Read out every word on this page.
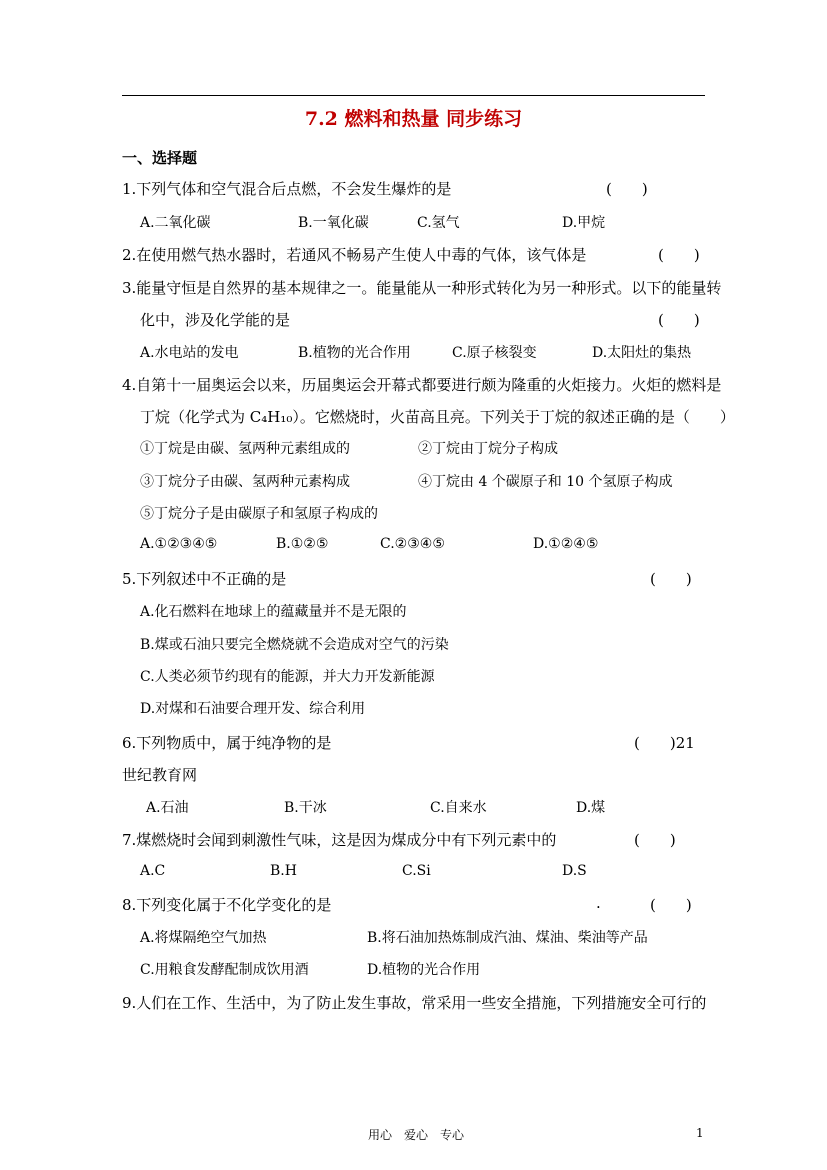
7.2 燃料和热量 同步练习
一、选择题
1.下列气体和空气混合后点燃，不会发生爆炸的是	(　　)
A.二氧化碳	B.一氧化碳	C.氢气	D.甲烷
2.在使用燃气热水器时，若通风不畅易产生使人中毒的气体，该气体是	(　　)
3.能量守恒是自然界的基本规律之一。能量能从一种形式转化为另一种形式。以下的能量转
化中，涉及化学能的是	(　　)
A.水电站的发电	B.植物的光合作用	C.原子核裂变	D.太阳灶的集热
4.自第十一届奥运会以来，历届奥运会开幕式都要进行颇为隆重的火炬接力。火炬的燃料是
丁烷（化学式为 C₄H₁₀）。它燃烧时，火苗高且亮。下列关于丁烷的叙述正确的是（　　）
①丁烷是由碳、氢两种元素组成的	②丁烷由丁烷分子构成
③丁烷分子由碳、氢两种元素构成	④丁烷由 4 个碳原子和 10 个氢原子构成
⑤丁烷分子是由碳原子和氢原子构成的
A.①②③④⑤	B.①②⑤	C.②③④⑤	D.①②④⑤
5.下列叙述中不正确的是	(　　)
A.化石燃料在地球上的蕴藏量并不是无限的
B.煤或石油只要完全燃烧就不会造成对空气的污染
C.人类必须节约现有的能源，并大力开发新能源
D.对煤和石油要合理开发、综合利用
6.下列物质中，属于纯净物的是	(　　)21
世纪教育网
A.石油	B.干冰	C.自来水	D.煤
7.煤燃烧时会闻到刺激性气味，这是因为煤成分中有下列元素中的	(　　)
A.C	B.H	C.Si	D.S
8.下列变化属于不化学变化的是	.	(　　)
A.将煤隔绝空气加热	B.将石油加热炼制成汽油、煤油、柴油等产品
C.用粮食发酵配制成饮用酒	D.植物的光合作用
9.人们在工作、生活中，为了防止发生事故，常采用一些安全措施，下列措施安全可行的
用心　爱心　专心	1
